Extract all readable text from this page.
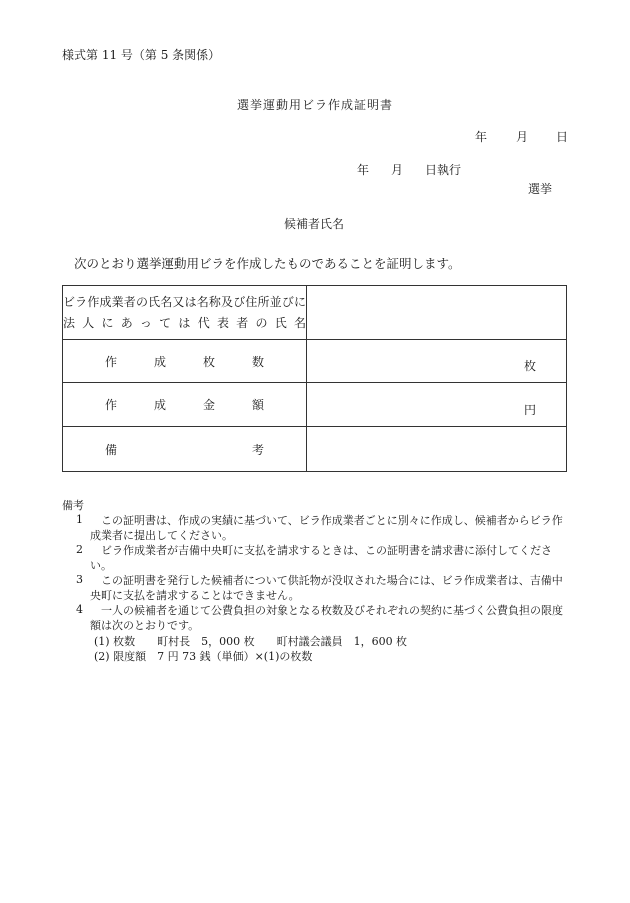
様式第 11 号（第 5 条関係）
選挙運動用ビラ作成証明書
年 月 日
年 月 日執行
選挙
候補者氏名
次のとおり選挙運動用ビラを作成したものであることを証明します。
ビラ作成業者の氏名又は名称及び住所並びに法人にあっては代表者の氏名	

作 成 枚 数	枚

作 成 金 額	円

備 考	

備考
1	この証明書は、作成の実績に基づいて、ビラ作成業者ごとに別々に作成し、候補者からビラ作成業者に提出してください。
2	ビラ作成業者が吉備中央町に支払を請求するときは、この証明書を請求書に添付してください。
3	この証明書を発行した候補者について供託物が没収された場合には、ビラ作成業者は、吉備中央町に支払を請求することはできません。
4	一人の候補者を通じて公費負担の対象となる枚数及びそれぞれの契約に基づく公費負担の限度額は次のとおりです。
(1) 枚数　　町村長　5，000 枚　　町村議会議員　1，600 枚
(2) 限度額　7 円 73 銭（単価）×(1)の枚数
